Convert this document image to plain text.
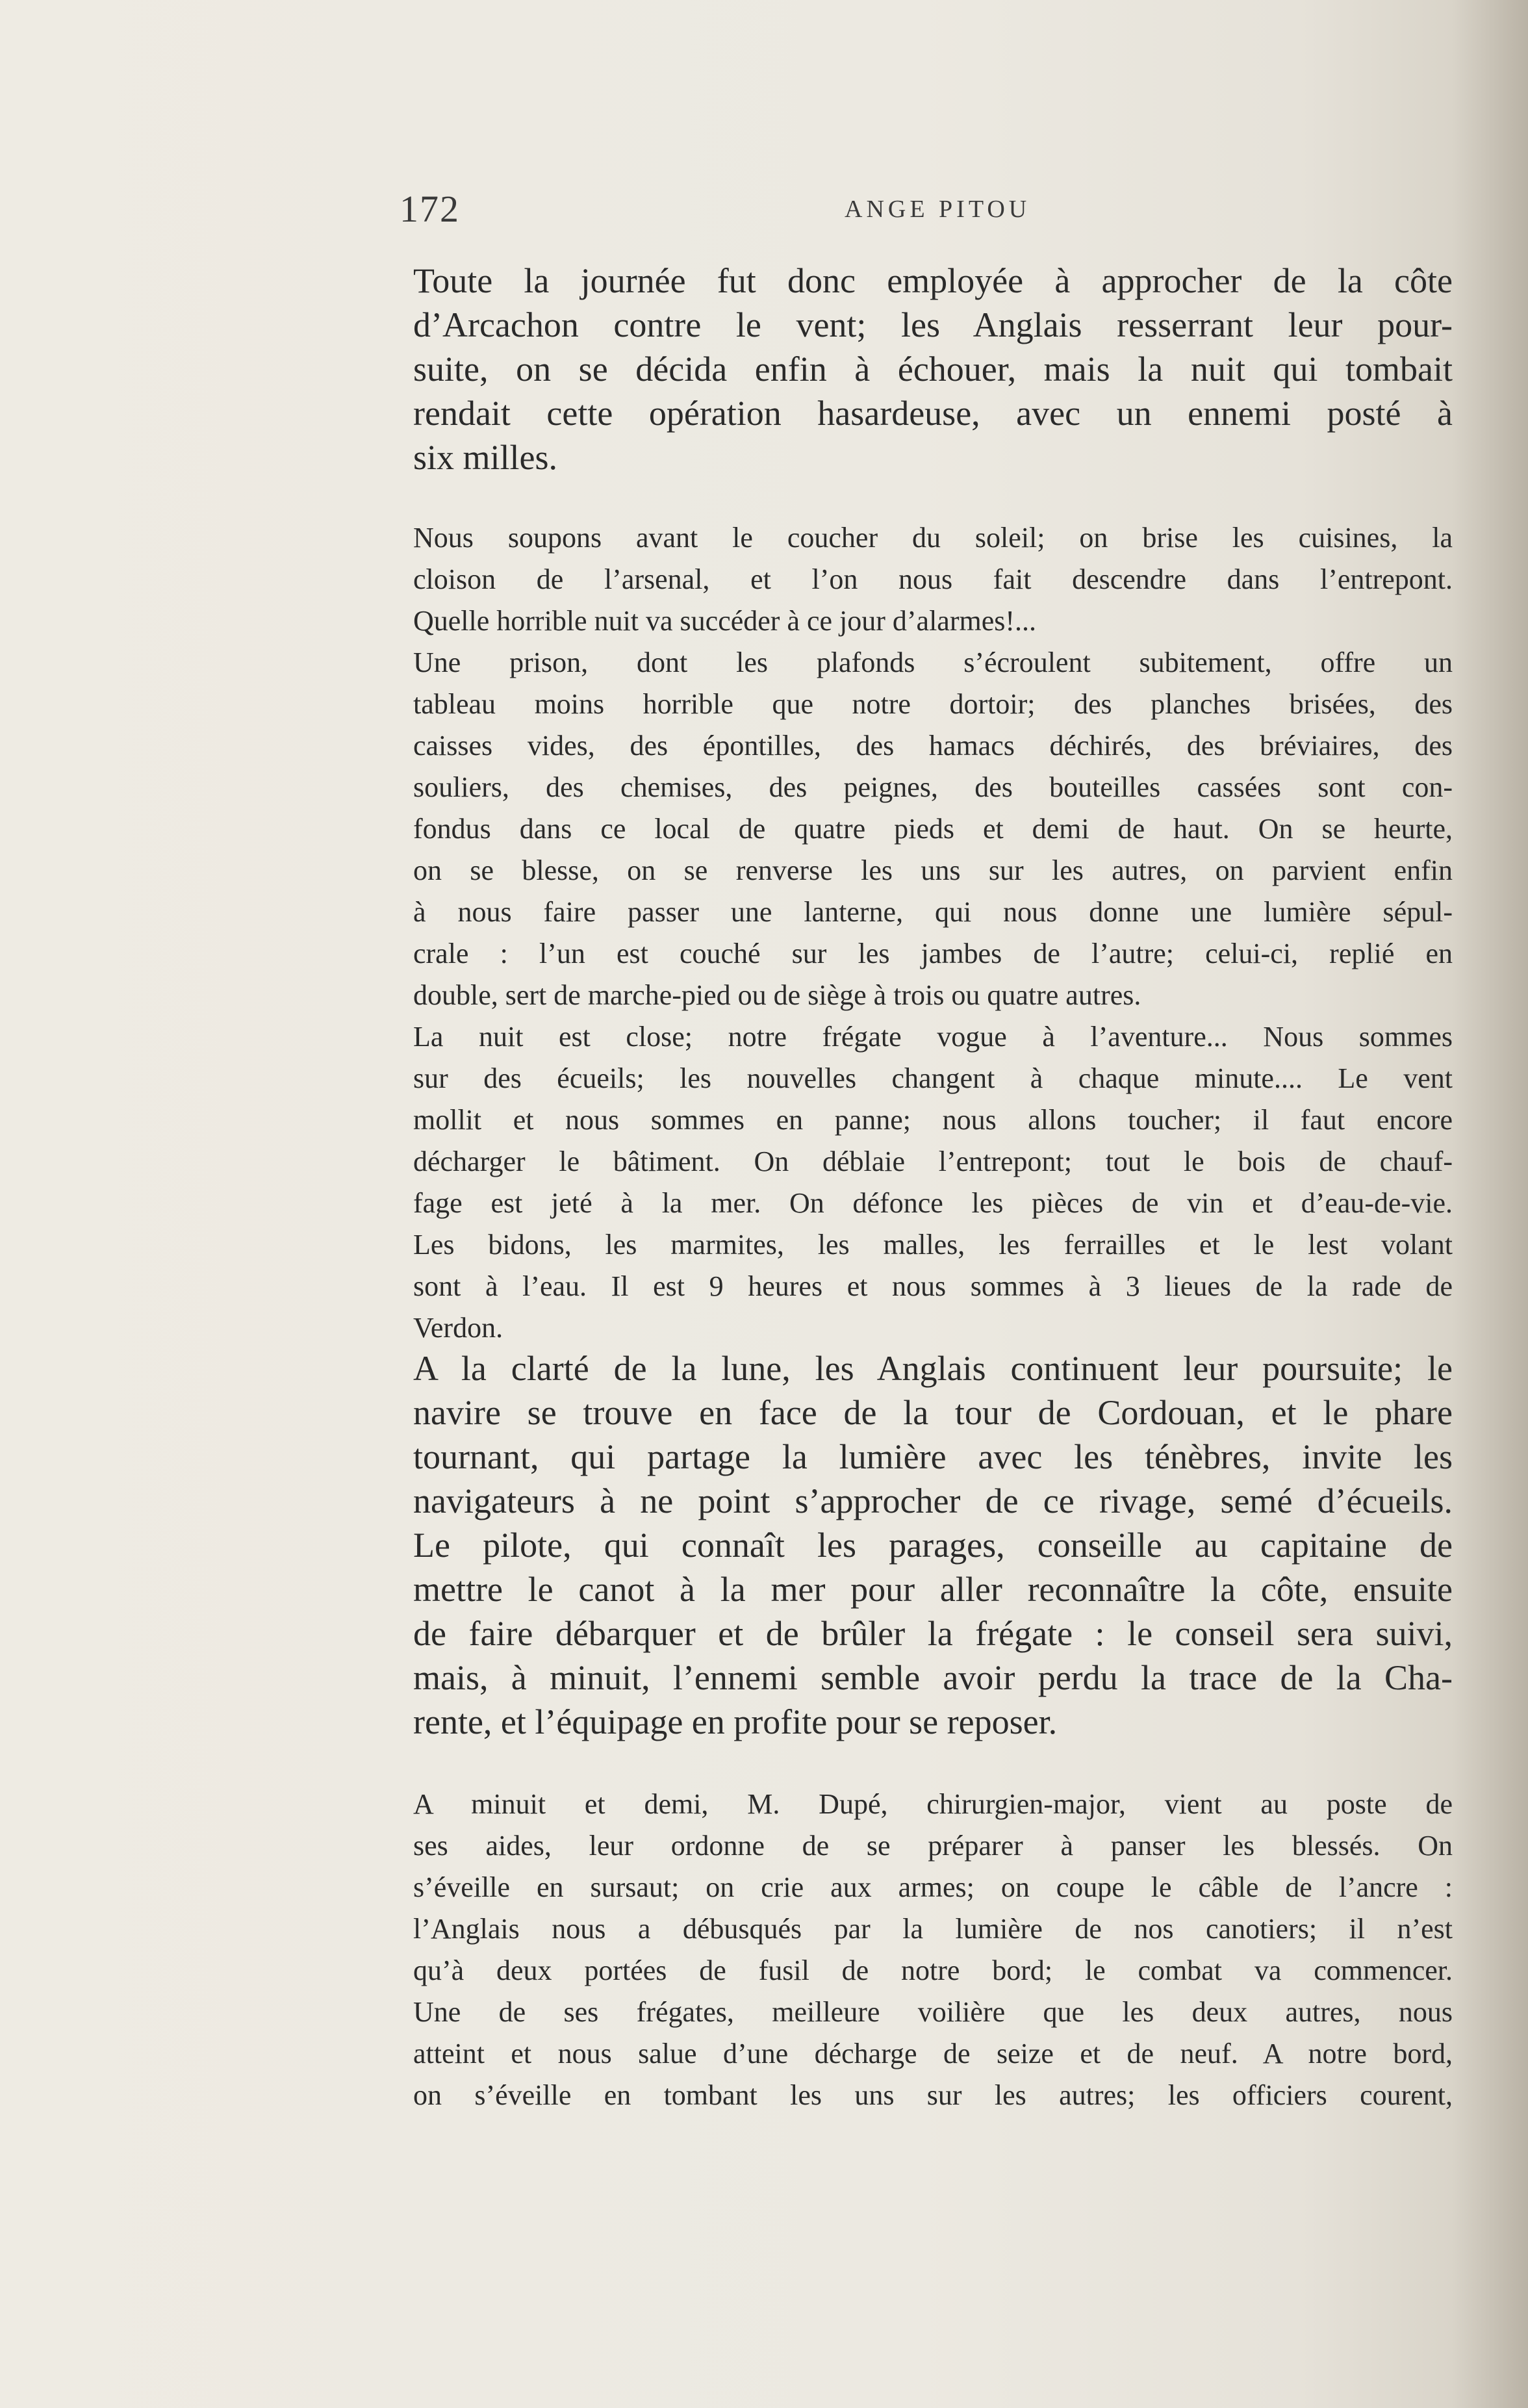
172	ANGE PITOU

Toute la journée fut donc employée à approcher de la côte

d’Arcachon contre le vent; les Anglais resserrant leur pour-

suite, on se décida enfin à échouer, mais la nuit qui tombait

rendait cette opération hasardeuse, avec un ennemi posté à

six milles.

Nous soupons avant le coucher du soleil; on brise les cuisines, la

cloison de l’arsenal, et l’on nous fait descendre dans l’entrepont.

Quelle horrible nuit va succéder à ce jour d’alarmes!...

Une prison, dont les plafonds s’écroulent subitement, offre un

tableau moins horrible que notre dortoir; des planches brisées, des

caisses vides, des épontilles, des hamacs déchirés, des bréviaires, des

souliers, des chemises, des peignes, des bouteilles cassées sont con-

fondus dans ce local de quatre pieds et demi de haut. On se heurte,

on se blesse, on se renverse les uns sur les autres, on parvient enfin

à nous faire passer une lanterne, qui nous donne une lumière sépul-

crale : l’un est couché sur les jambes de l’autre; celui-ci, replié en

double, sert de marche-pied ou de siège à trois ou quatre autres.

La nuit est close; notre frégate vogue à l’aventure... Nous sommes

sur des écueils; les nouvelles changent à chaque minute.... Le vent

mollit et nous sommes en panne; nous allons toucher; il faut encore

décharger le bâtiment. On déblaie l’entrepont; tout le bois de chauf-

fage est jeté à la mer. On défonce les pièces de vin et d’eau-de-vie.

Les bidons, les marmites, les malles, les ferrailles et le lest volant

sont à l’eau. Il est 9 heures et nous sommes à 3 lieues de la rade de

Verdon.

A la clarté de la lune, les Anglais continuent leur poursuite; le

navire se trouve en face de la tour de Cordouan, et le phare

tournant, qui partage la lumière avec les ténèbres, invite les

navigateurs à ne point s’approcher de ce rivage, semé d’écueils.

Le pilote, qui connaît les parages, conseille au capitaine de

mettre le canot à la mer pour aller reconnaître la côte, ensuite

de faire débarquer et de brûler la frégate : le conseil sera suivi,

mais, à minuit, l’ennemi semble avoir perdu la trace de la Cha-

rente, et l’équipage en profite pour se reposer.

A minuit et demi, M. Dupé, chirurgien-major, vient au poste de

ses aides, leur ordonne de se préparer à panser les blessés. On

s’éveille en sursaut; on crie aux armes; on coupe le câble de l’ancre :

l’Anglais nous a débusqués par la lumière de nos canotiers; il n’est

qu’à deux portées de fusil de notre bord; le combat va commencer.

Une de ses frégates, meilleure voilière que les deux autres, nous

atteint et nous salue d’une décharge de seize et de neuf. A notre bord,

on s’éveille en tombant les uns sur les autres; les officiers courent,
